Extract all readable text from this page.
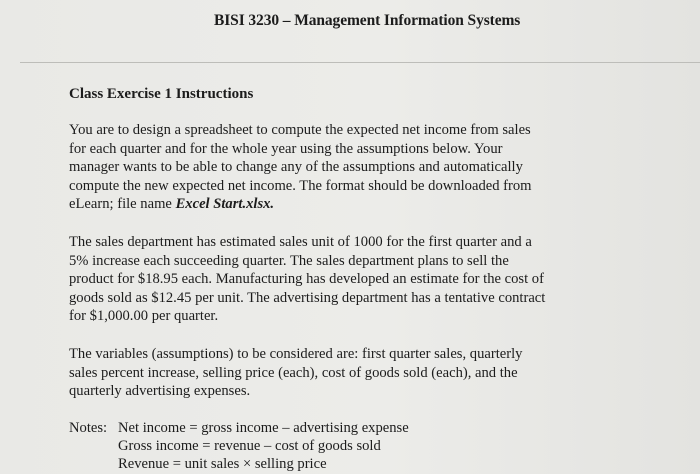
BISI 3230 – Management Information Systems
Class Exercise 1 Instructions

You are to design a spreadsheet to compute the expected net income from sales
for each quarter and for the whole year using the assumptions below. Your
manager wants to be able to change any of the assumptions and automatically
compute the new expected net income. The format should be downloaded from
eLearn; file name Excel Start.xlsx.

The sales department has estimated sales unit of 1000 for the first quarter and a
5% increase each succeeding quarter. The sales department plans to sell the
product for $18.95 each. Manufacturing has developed an estimate for the cost of
goods sold as $12.45 per unit. The advertising department has a tentative contract
for $1,000.00 per quarter.

The variables (assumptions) to be considered are: first quarter sales, quarterly
sales percent increase, selling price (each), cost of goods sold (each), and the
quarterly advertising expenses.

Notes: Net income = gross income – advertising expense
Gross income = revenue – cost of goods sold
Revenue = unit sales × selling price
